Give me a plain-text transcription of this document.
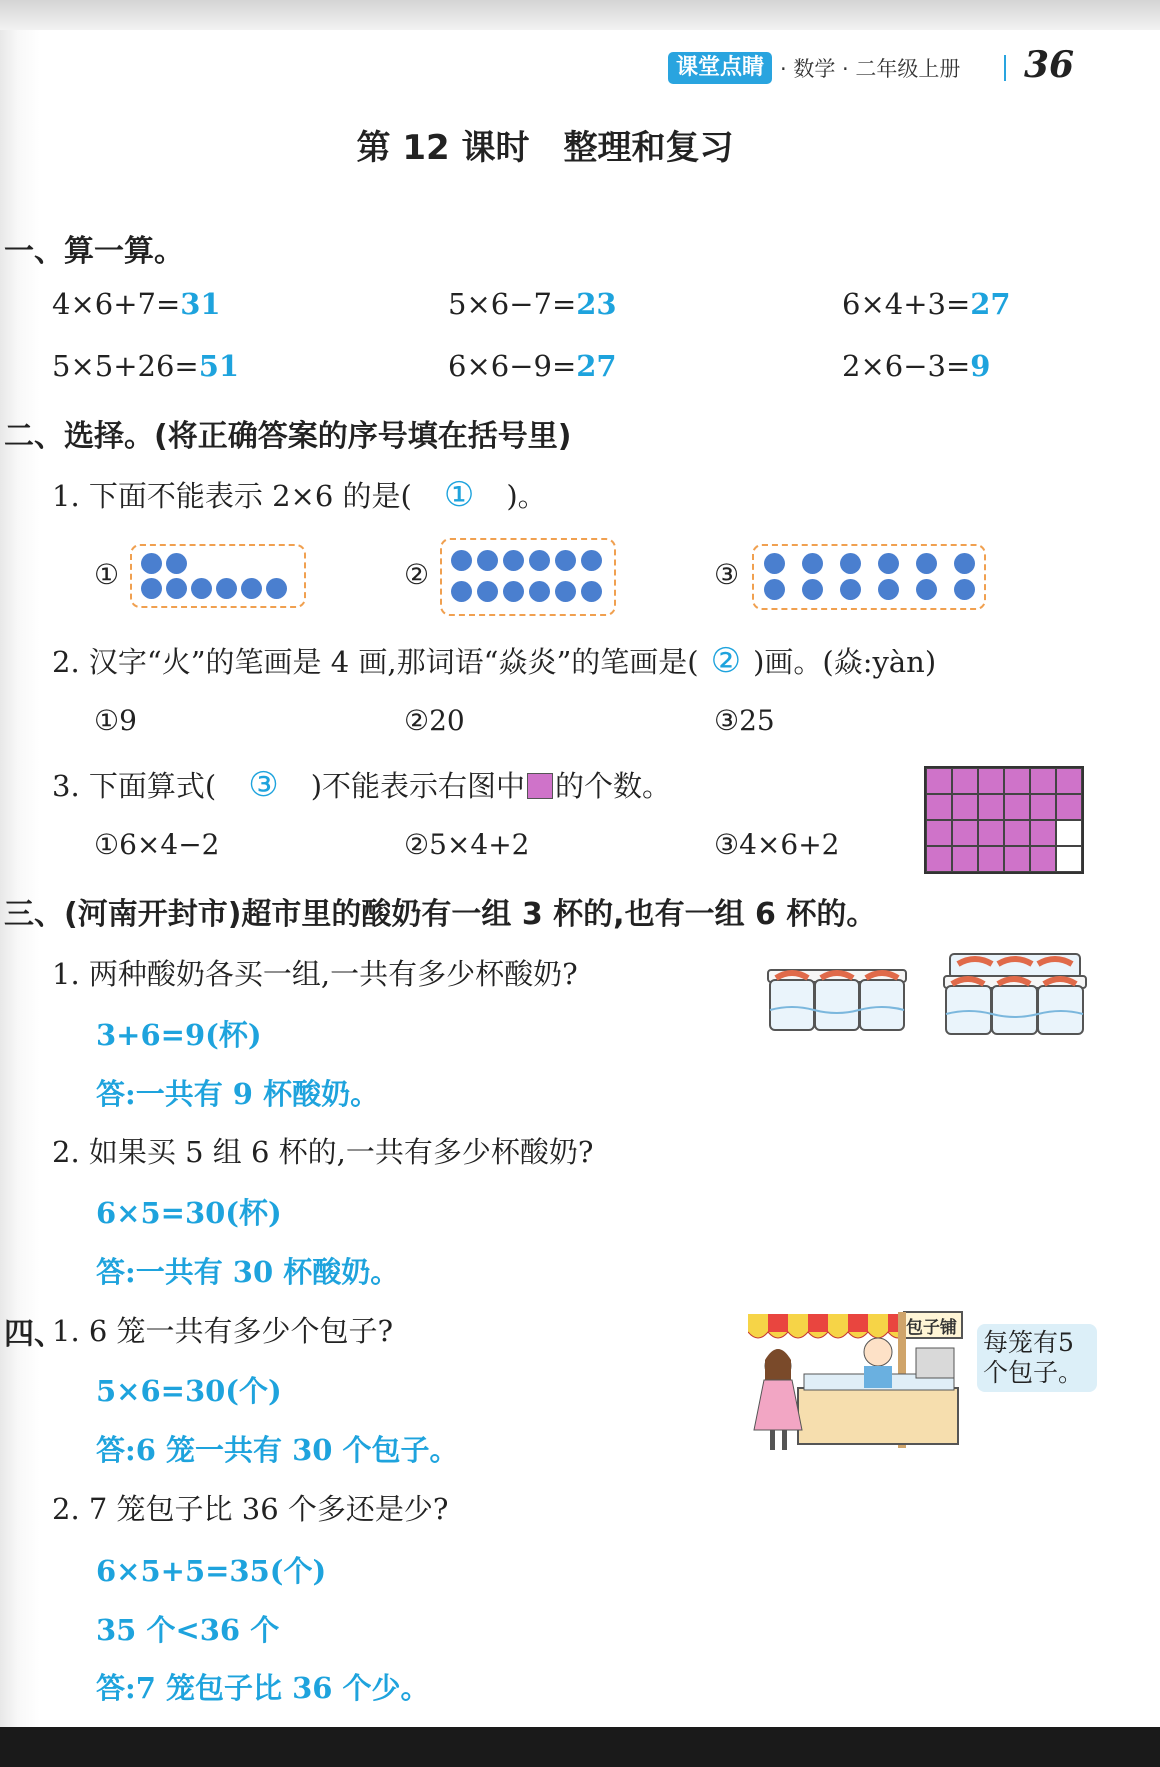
课堂点睛 · 数学 · 二年级上册 36
第 12 课时　整理和复习
一、算一算。
4×6+7=31	5×6−7=23	6×4+3=27
5×5+26=51	6×6−9=27	2×6−3=9
二、选择。(将正确答案的序号填在括号里)
1. 下面不能表示 2×6 的是( ① )。
①	②	③
2. 汉字“火”的笔画是 4 画,那词语“焱炎”的笔画是( ② )画。(焱:yàn)
①9	②20	③25
3. 下面算式( ③ )不能表示右图中 的个数。
①6×4−2	②5×4+2	③4×6+2
三、(河南开封市)超市里的酸奶有一组 3 杯的,也有一组 6 杯的。
1. 两种酸奶各买一组,一共有多少杯酸奶?
3+6=9(杯)
答:一共有 9 杯酸奶。
2. 如果买 5 组 6 杯的,一共有多少杯酸奶?
6×5=30(杯)
答:一共有 30 杯酸奶。
四、
1. 6 笼一共有多少个包子?
5×6=30(个)
答:6 笼一共有 30 个包子。
包子铺 每笼有5个包子。
2. 7 笼包子比 36 个多还是少?
6×5+5=35(个)
35 个<36 个
答:7 笼包子比 36 个少。
